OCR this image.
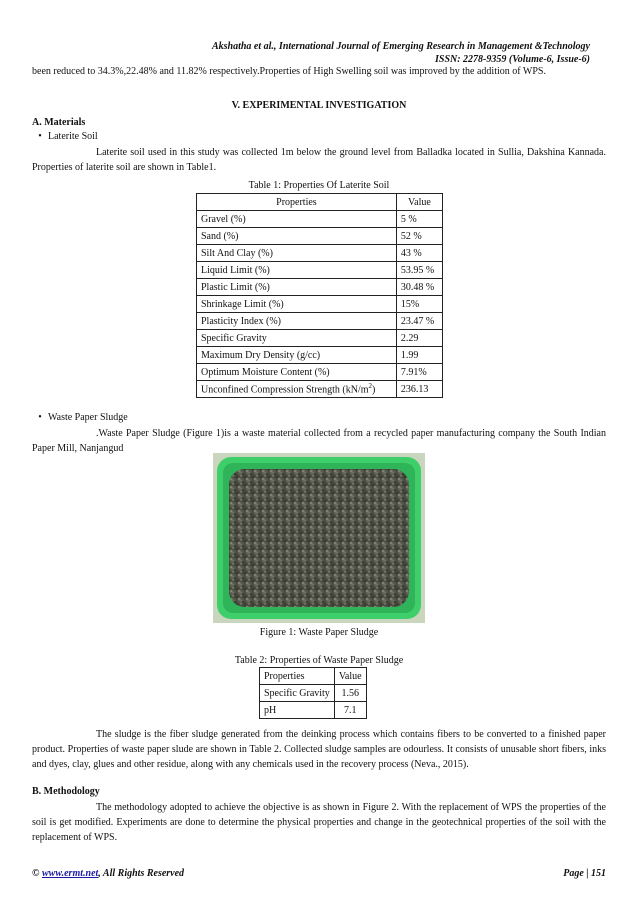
Akshatha et al., International Journal of Emerging Research in Management &Technology
ISSN: 2278-9359 (Volume-6, Issue-6)
been reduced to 34.3%,22.48% and 11.82% respectively.Properties of High Swelling soil was improved by the addition of WPS.
V. EXPERIMENTAL INVESTIGATION
A. Materials
• Laterite Soil
Laterite soil used in this study was collected 1m below the ground level from Balladka located in Sullia, Dakshina Kannada. Properties of laterite soil are shown in Table1.
Table 1: Properties Of Laterite Soil
Properties	Value
Gravel (%)	5 %
Sand (%)	52 %
Silt And Clay (%)	43 %
Liquid Limit (%)	53.95 %
Plastic Limit (%)	30.48 %
Shrinkage Limit (%)	15%
Plasticity Index (%)	23.47 %
Specific Gravity	2.29
Maximum Dry Density (g/cc)	1.99
Optimum Moisture Content (%)	7.91%
Unconfined Compression Strength $(kN/m^2)$	236.13
• Waste Paper Sludge
.Waste Paper Sludge (Figure 1)is a waste material collected from a recycled paper manufacturing company the South Indian Paper Mill, Nanjangud
Figure 1: Waste Paper Sludge
Table 2: Properties of Waste Paper Sludge
Properties	Value
Specific Gravity	1.56
pH	7.1
The sludge is the fiber sludge generated from the deinking process which contains fibers to be converted to a finished paper product. Properties of waste paper slude are shown in Table 2. Collected sludge samples are odourless. It consists of unusable short fibers, inks and dyes, clay, glues and other residue, along with any chemicals used in the recovery process (Neva., 2015).
B. Methodology
The methodology adopted to achieve the objective is as shown in Figure 2. With the replacement of WPS the properties of the soil is get modified. Experiments are done to determine the physical properties and change in the geotechnical properties of the soil with the replacement of WPS.
© www.ermt.net, All Rights Reserved	Page | 151
